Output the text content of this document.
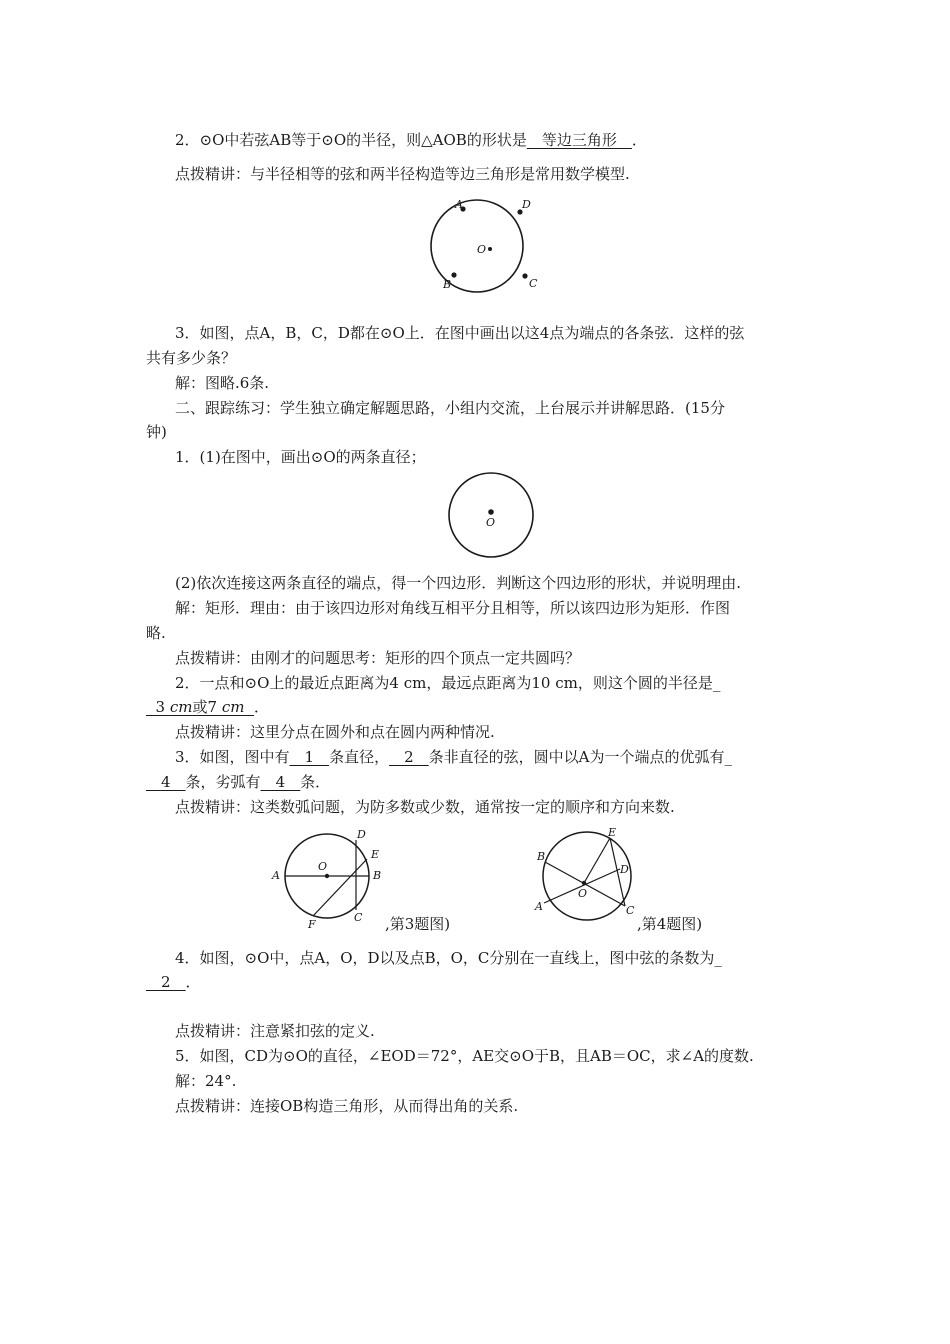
2．⊙O中若弦AB等于⊙O的半径，则△AOB的形状是__等边三角形__．
点拨精讲：与半径相等的弦和两半径构造等边三角形是常用数学模型.
A	D
O
B	C
3．如图，点A，B，C，D都在⊙O上．在图中画出以这4点为端点的各条弦．这样的弦
共有多少条？
解：图略.6条.
二、跟踪练习：学生独立确定解题思路，小组内交流，上台展示并讲解思路．(15分
钟)
1．(1)在图中，画出⊙O的两条直径；
O
(2)依次连接这两条直径的端点，得一个四边形．判断这个四边形的形状，并说明理由.
解：矩形．理由：由于该四边形对角线互相平分且相等，所以该四边形为矩形．作图
略.
点拨精讲：由刚才的问题思考：矩形的四个顶点一定共圆吗？
2．一点和⊙O上的最近点距离为4 cm，最远点距离为10 cm，则这个圆的半径是_
3 cm或7 cm ．
点拨精讲：这里分点在圆外和点在圆内两种情况.
3．如图，图中有__1__条直径，__2__条非直径的弦，圆中以A为一个端点的优弧有_
__4__条，劣弧有__4__条．
点拨精讲：这类数弧问题，为防多数或少数，通常按一定的顺序和方向来数.
D
E
O
A	B
C
F	,第3题图)
E
B
D
O
A	C
,第4题图)
4．如图，⊙O中，点A，O，D以及点B，O，C分别在一直线上，图中弦的条数为_
__2__．
点拨精讲：注意紧扣弦的定义.
5．如图，CD为⊙O的直径，∠EOD＝72°，AE交⊙O于B，且AB＝OC，求∠A的度数.
解：24°.
点拨精讲：连接OB构造三角形，从而得出角的关系.
